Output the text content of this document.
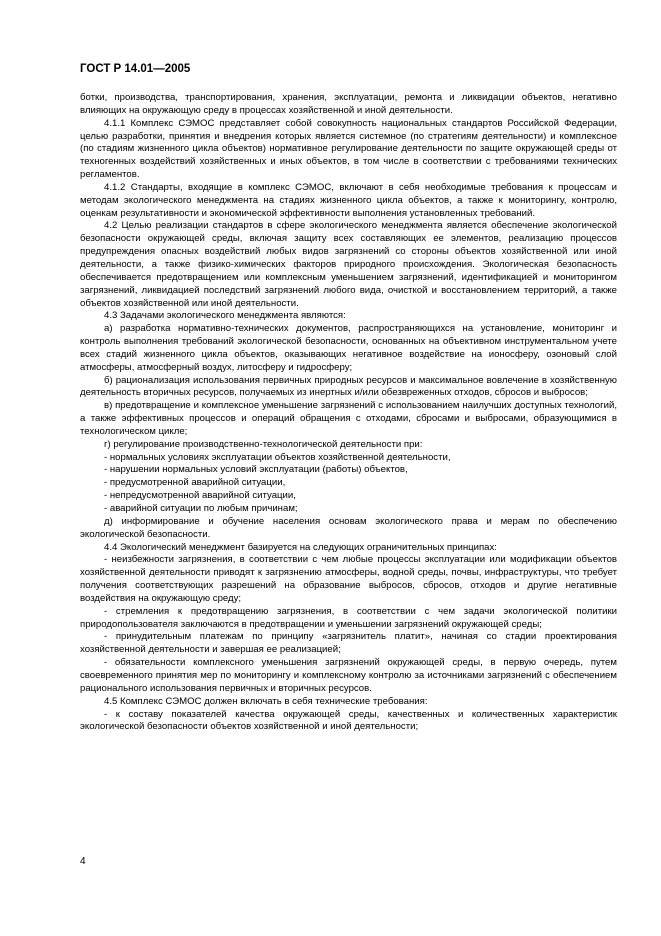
ГОСТ Р 14.01—2005

ботки, производства, транспортирования, хранения, эксплуатации, ремонта и ликвидации объектов, негативно влияющих на окружающую среду в процессах хозяйственной и иной деятельности.

4.1.1 Комплекс СЭМОС представляет собой совокупность национальных стандартов Российской Федерации, целью разработки, принятия и внедрения которых является системное (по стратегиям деятельности) и комплексное (по стадиям жизненного цикла объектов) нормативное регулирование деятельности по защите окружающей среды от техногенных воздействий хозяйственных и иных объектов, в том числе в соответствии с требованиями технических регламентов.

4.1.2 Стандарты, входящие в комплекс СЭМОС, включают в себя необходимые требования к процессам и методам экологического менеджмента на стадиях жизненного цикла объектов, а также к мониторингу, контролю, оценкам результативности и экономической эффективности выполнения установленных требований.

4.2 Целью реализации стандартов в сфере экологического менеджмента является обеспечение экологической безопасности окружающей среды, включая защиту всех составляющих ее элементов, реализацию процессов предупреждения опасных воздействий любых видов загрязнений со стороны объектов хозяйственной или иной деятельности, а также физико-химических факторов природного происхождения. Экологическая безопасность обеспечивается предотвращением или комплексным уменьшением загрязнений, идентификацией и мониторингом загрязнений, ликвидацией последствий загрязнений любого вида, очисткой и восстановлением территорий, а также объектов хозяйственной или иной деятельности.

4.3 Задачами экологического менеджмента являются:

а) разработка нормативно-технических документов, распространяющихся на установление, мониторинг и контроль выполнения требований экологической безопасности, основанных на объективном инструментальном учете всех стадий жизненного цикла объектов, оказывающих негативное воздействие на ионосферу, озоновый слой атмосферы, атмосферный воздух, литосферу и гидросферу;

б) рационализация использования первичных природных ресурсов и максимальное вовлечение в хозяйственную деятельность вторичных ресурсов, получаемых из инертных и/или обезвреженных отходов, сбросов и выбросов;

в) предотвращение и комплексное уменьшение загрязнений с использованием наилучших доступных технологий, а также эффективных процессов и операций обращения с отходами, сбросами и выбросами, образующимися в технологическом цикле;

г) регулирование производственно-технологической деятельности при:

- нормальных условиях эксплуатации объектов хозяйственной деятельности,

- нарушении нормальных условий эксплуатации (работы) объектов,

- предусмотренной аварийной ситуации,

- непредусмотренной аварийной ситуации,

- аварийной ситуации по любым причинам;

д) информирование и обучение населения основам экологического права и мерам по обеспечению экологической безопасности.

4.4 Экологический менеджмент базируется на следующих ограничительных принципах:

- неизбежности загрязнения, в соответствии с чем любые процессы эксплуатации или модификации объектов хозяйственной деятельности приводят к загрязнению атмосферы, водной среды, почвы, инфраструктуры, что требует получения соответствующих разрешений на образование выбросов, сбросов, отходов и другие негативные воздействия на окружающую среду;

- стремления к предотвращению загрязнения, в соответствии с чем задачи экологической политики природопользователя заключаются в предотвращении и уменьшении загрязнений окружающей среды;

- принудительным платежам по принципу «загрязнитель платит», начиная со стадии проектирования хозяйственной деятельности и завершая ее реализацией;

- обязательности комплексного уменьшения загрязнений окружающей среды, в первую очередь, путем своевременного принятия мер по мониторингу и комплексному контролю за источниками загрязнений с обеспечением рационального использования первичных и вторичных ресурсов.

4.5 Комплекс СЭМОС должен включать в себя технические требования:

- к составу показателей качества окружающей среды, качественных и количественных характеристик экологической безопасности объектов хозяйственной и иной деятельности;

4
